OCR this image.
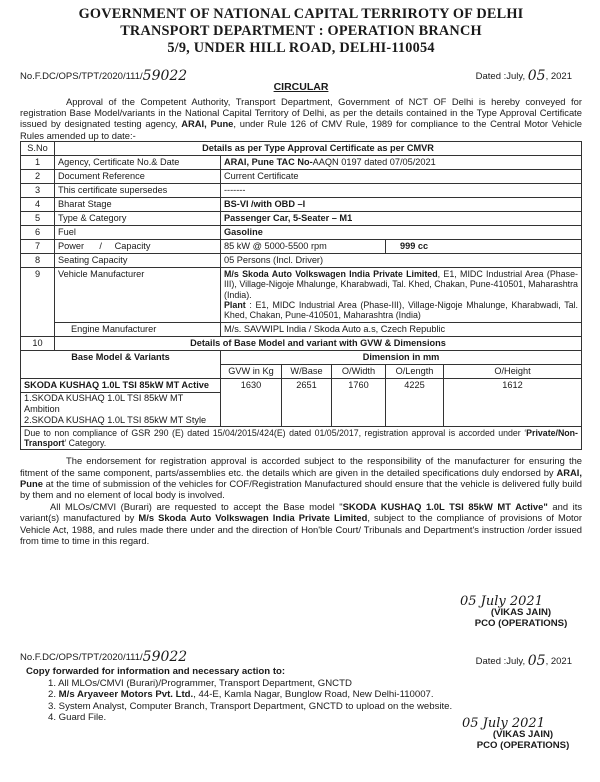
GOVERNMENT OF NATIONAL CAPITAL TERRIROTY OF DELHI
TRANSPORT DEPARTMENT : OPERATION BRANCH
5/9, UNDER HILL ROAD, DELHI-110054
No.F.DC/OPS/TPT/2020/111/59022	Dated :July, 05, 2021
CIRCULAR

Approval of the Competent Authority, Transport Department, Government of NCT OF Delhi is hereby conveyed for registration Base Model/variants in the National Capital Territory of Delhi, as per the details contained in the Type Approval Certificate issued by designated testing agency, ARAI, Pune, under Rule 126 of CMV Rule, 1989 for compliance to the Central Motor Vehicle Rules amended up to date:-

S.No	Details as per Type Approval Certificate as per CMVR					
1	Agency, Certificate No.& Date	ARAI, Pune TAC No-AAQN 0197 dated 07/05/2021				
2	Document Reference	Current Certificate				
3	This certificate supersedes	-------				
4	Bharat Stage	BS-VI /with OBD –I				
5	Type & Category	Passenger Car, 5-Seater – M1				
6	Fuel	Gasoline				
7	Power      /     Capacity	85 kW @ 5000-5500 rpm			999 cc	
8	Seating Capacity	05 Persons (Incl. Driver)				
9	Vehicle Manufacturer	M/s Skoda Auto Volkswagen India Private Limited, E1, MIDC Industrial Area (Phase-III), Village-Nigoje Mhalunge, Kharabwadi, Tal. Khed, Chakan, Pune-410501, Maharashtra (India).
Plant : E1, MIDC Industrial Area (Phase-III), Village-Nigoje Mhalunge, Kharabwadi, Tal. Khed, Chakan, Pune-410501, Maharashtra (India)				
	Engine Manufacturer	M/s. SAVWIPL India / Skoda Auto a.s, Czech Republic				
10	Details of Base Model and variant with GVW & Dimensions					
Base Model & Variants		Dimension in mm				
		GVW in Kg	W/Base	O/Width	O/Length	O/Height
SKODA KUSHAQ 1.0L TSI 85kW MT Active		1630	2651	1760	4225	1612
1.SKODA KUSHAQ 1.0L TSI 85kW MT Ambition						
2.SKODA KUSHAQ 1.0L TSI 85kW MT Style						
Due to non compliance of GSR 290 (E) dated 15/04/2015/424(E) dated 01/05/2017, registration approval is accorded under ‘Private/Non-Transport’ Category.						

The endorsement for registration approval is accorded subject to the responsibility of the manufacturer for ensuring the fitment of the same component, parts/assemblies etc. the details which are given in the detailed specifications duly endorsed by ARAI, Pune at the time of submission of the vehicles for COF/Registration Manufactured should ensure that the vehicle is delivered fully build by them and no element of local body is involved.

All MLOs/CMVI (Burari) are requested to accept the Base model "SKODA KUSHAQ 1.0L TSI 85kW MT Active" and its variant(s) manufactured by M/s Skoda Auto Volkswagen India Private Limited, subject to the compliance of provisions of Motor Vehicle Act, 1988, and rules made there under and the direction of Hon'ble Court/ Tribunals and Department's instruction /order issued from time to time in this regard.

05 July 2021
(VIKAS JAIN)
PCO (OPERATIONS)
No.F.DC/OPS/TPT/2020/111/59022	Dated :July, 05, 2021
Copy forwarded for information and necessary action to:
1. All MLOs/CMVI (Burari)/Programmer, Transport Department, GNCTD
2. M/s Aryaveer Motors Pvt. Ltd., 44-E, Kamla Nagar, Bunglow Road, New Delhi-110007.
3. System Analyst, Computer Branch, Transport Department, GNCTD to upload on the website.
4. Guard File.	05 July 2021
(VIKAS JAIN)
PCO (OPERATIONS)
